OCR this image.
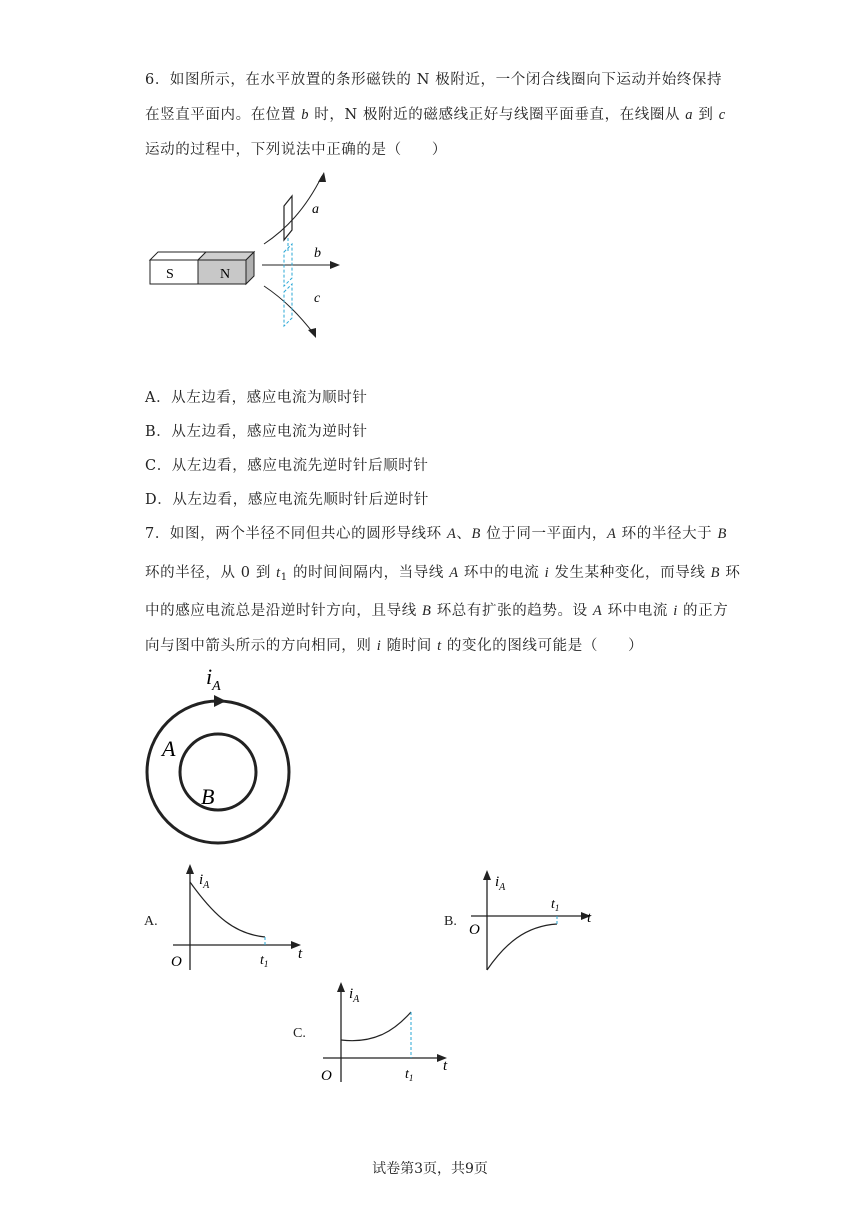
6．如图所示，在水平放置的条形磁铁的 N 极附近，一个闭合线圈向下运动并始终保持
在竖直平面内。在位置 b 时，N 极附近的磁感线正好与线圈平面垂直，在线圈从 a 到 c
运动的过程中，下列说法中正确的是（　　）
S	N
a
b
c
A．从左边看，感应电流为顺时针
B．从左边看，感应电流为逆时针
C．从左边看，感应电流先逆时针后顺时针
D．从左边看，感应电流先顺时针后逆时针
7．如图，两个半径不同但共心的圆形导线环 A、B 位于同一平面内，A 环的半径大于 B
环的半径，从 0 到 $t_1$ 的时间间隔内，当导线 A 环中的电流 i 发生某种变化，而导线 B 环
中的感应电流总是沿逆时针方向，且导线 B 环总有扩张的趋势。设 A 环中电流 i 的正方
向与图中箭头所示的方向相同，则 i 随时间 t 的变化的图线可能是（　　）
$i_A$
A
B
A.
$i_A$
t
O	$t_1$
B.
$i_A$
t
O
$t_1$
C.
$i_A$
t
O	$t_1$
试卷第3页，共9页
